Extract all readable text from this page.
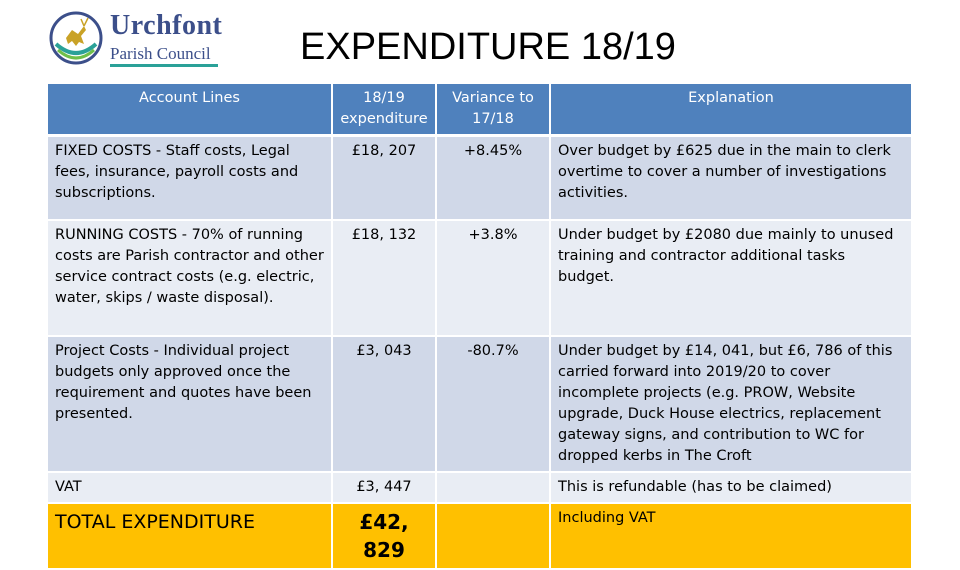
Urchfont
Parish Council EXPENDITURE 18/19
Account Lines	18/19 expenditure	Variance to 17/18	Explanation
FIXED COSTS - Staff costs, Legal fees, insurance, payroll costs and subscriptions.	£18, 207	+8.45%	Over budget by £625 due in the main to clerk overtime to cover a number of investigations activities.
RUNNING COSTS - 70% of running costs are Parish contractor and other service contract costs (e.g. electric, water, skips / waste disposal).	£18, 132	+3.8%	Under budget by £2080 due mainly to unused training and contractor additional tasks budget.
Project Costs - Individual project budgets only approved once the requirement and quotes have been presented.	£3, 043	-80.7%	Under budget by £14, 041, but £6, 786 of this carried forward into 2019/20 to cover incomplete projects (e.g. PROW, Website upgrade, Duck House electrics, replacement gateway signs, and contribution to WC for dropped kerbs in The Croft
VAT	£3, 447		This is refundable (has to be claimed)
TOTAL EXPENDITURE	£42, 829		Including VAT
